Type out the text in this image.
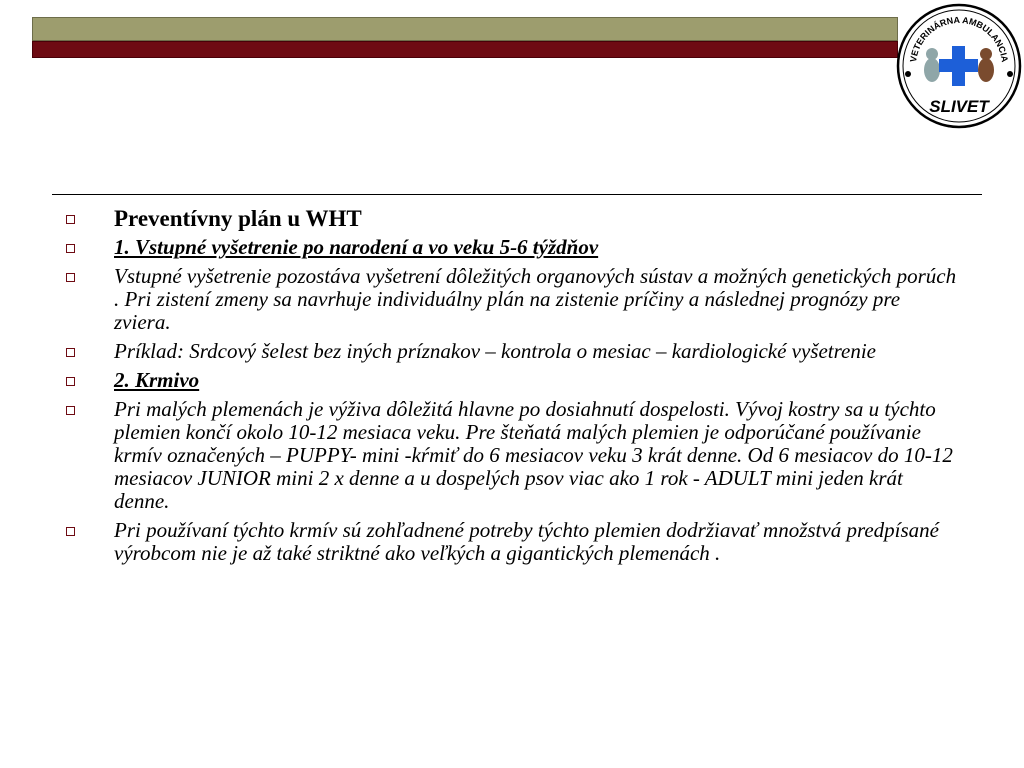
VETERINÁRNA AMBULANCIA
SLIVET
Preventívny plán u WHT
1. Vstupné vyšetrenie po narodení a vo veku 5-6 týždňov
Vstupné vyšetrenie pozostáva vyšetrení dôležitých organových sústav a možných genetických porúch . Pri zistení zmeny sa navrhuje individuálny plán na zistenie príčiny a následnej prognózy pre zviera.
Príklad: Srdcový šelest bez iných príznakov – kontrola o mesiac – kardiologické vyšetrenie
2. Krmivo
Pri malých plemenách je výživa dôležitá hlavne po dosiahnutí dospelosti. Vývoj kostry sa u týchto plemien končí okolo 10-12 mesiaca veku. Pre šteňatá malých plemien je odporúčané používanie krmív označených – PUPPY- mini -kŕmiť do 6 mesiacov veku 3 krát denne. Od 6 mesiacov do 10-12 mesiacov JUNIOR mini 2 x denne a u dospelých psov viac ako 1 rok - ADULT mini jeden krát denne.
Pri používaní týchto krmív sú zohľadnené potreby týchto plemien dodržiavať množstvá predpísané výrobcom nie je až také striktné ako veľkých a gigantických plemenách .
